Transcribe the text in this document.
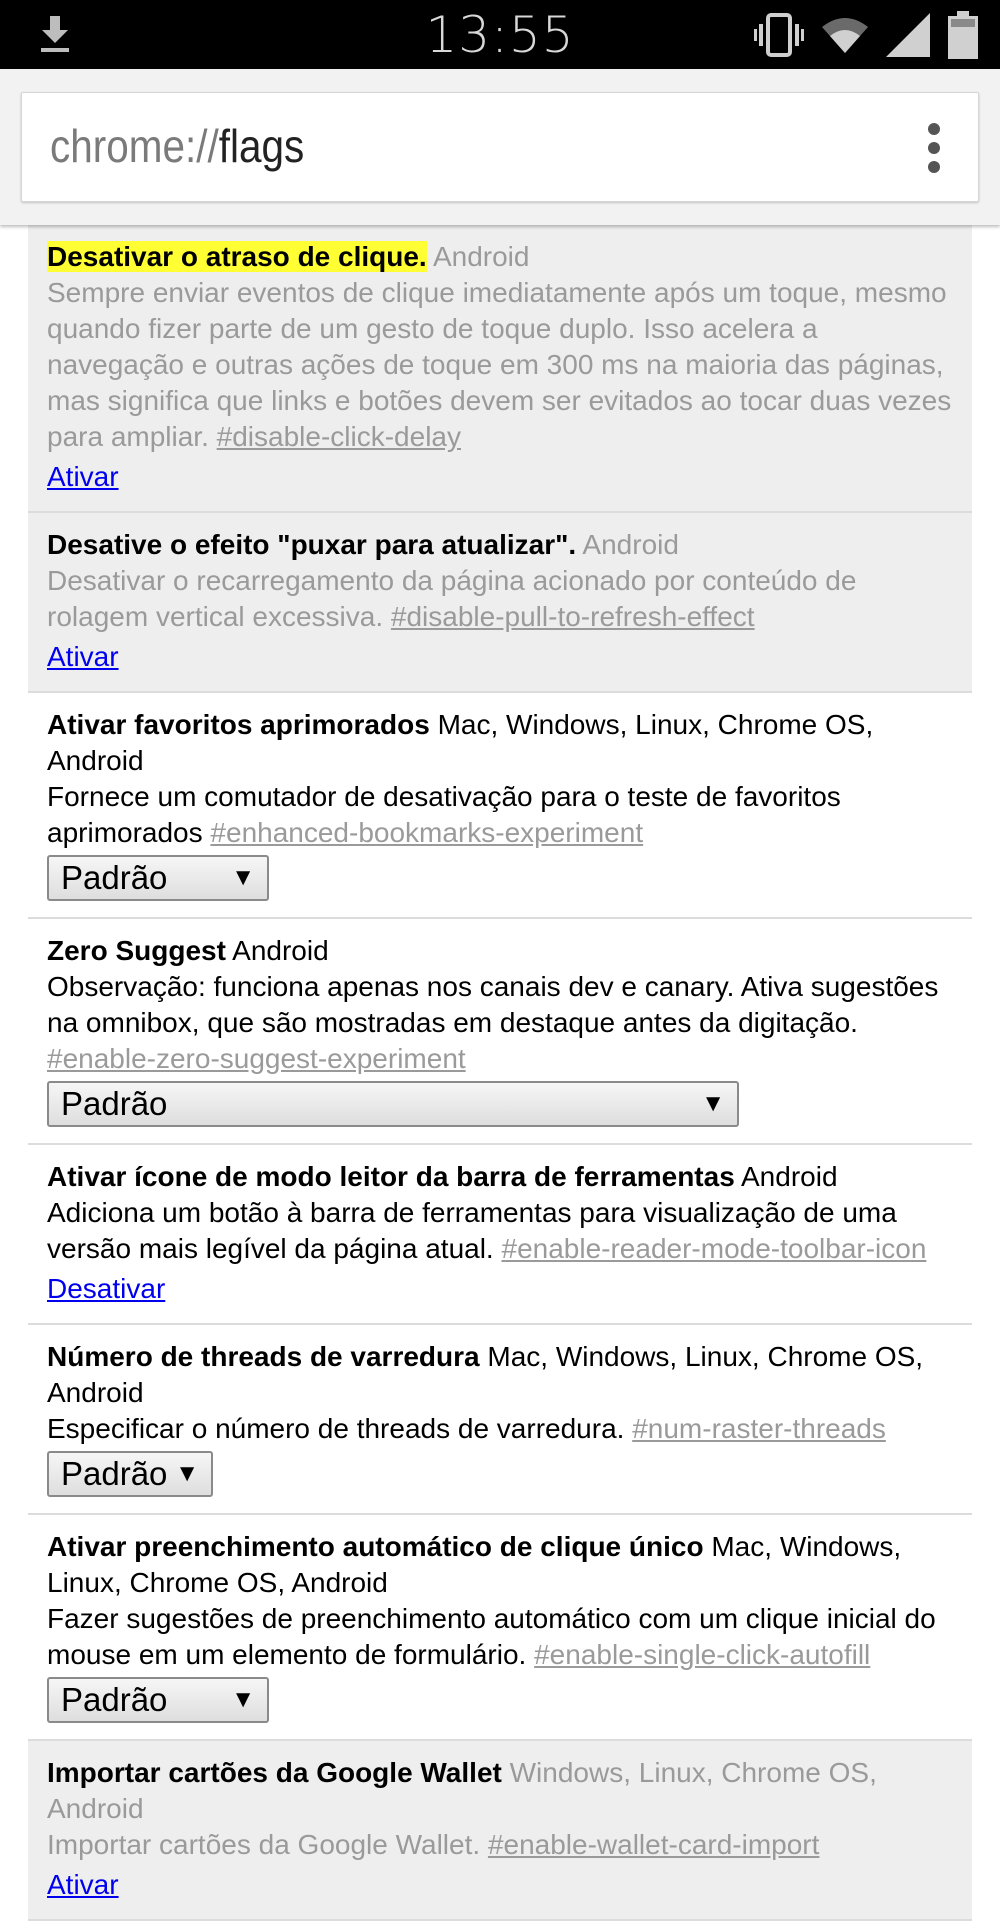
13:55
chrome://flags
Desativar o atraso de clique. Android
Sempre enviar eventos de clique imediatamente após um toque, mesmo quando fizer parte de um gesto de toque duplo. Isso acelera a navegação e outras ações de toque em 300 ms na maioria das páginas, mas significa que links e botões devem ser evitados ao tocar duas vezes para ampliar. #disable-click-delay
Ativar
Desative o efeito "puxar para atualizar". Android
Desativar o recarregamento da página acionado por conteúdo de rolagem vertical excessiva. #disable-pull-to-refresh-effect
Ativar
Ativar favoritos aprimorados Mac, Windows, Linux, Chrome OS, Android
Fornece um comutador de desativação para o teste de favoritos aprimorados #enhanced-bookmarks-experiment
Padrão	▼
Zero Suggest Android
Observação: funciona apenas nos canais dev e canary. Ativa sugestões na omnibox, que são mostradas em destaque antes da digitação. #enable-zero-suggest-experiment
Padrão	▼
Ativar ícone de modo leitor da barra de ferramentas Android
Adiciona um botão à barra de ferramentas para visualização de uma versão mais legível da página atual. #enable-reader-mode-toolbar-icon
Desativar
Número de threads de varredura Mac, Windows, Linux, Chrome OS, Android
Especificar o número de threads de varredura. #num-raster-threads
Padrão ▼
Ativar preenchimento automático de clique único Mac, Windows, Linux, Chrome OS, Android
Fazer sugestões de preenchimento automático com um clique inicial do mouse em um elemento de formulário. #enable-single-click-autofill
Padrão	▼
Importar cartões da Google Wallet Windows, Linux, Chrome OS, Android
Importar cartões da Google Wallet. #enable-wallet-card-import
Ativar
